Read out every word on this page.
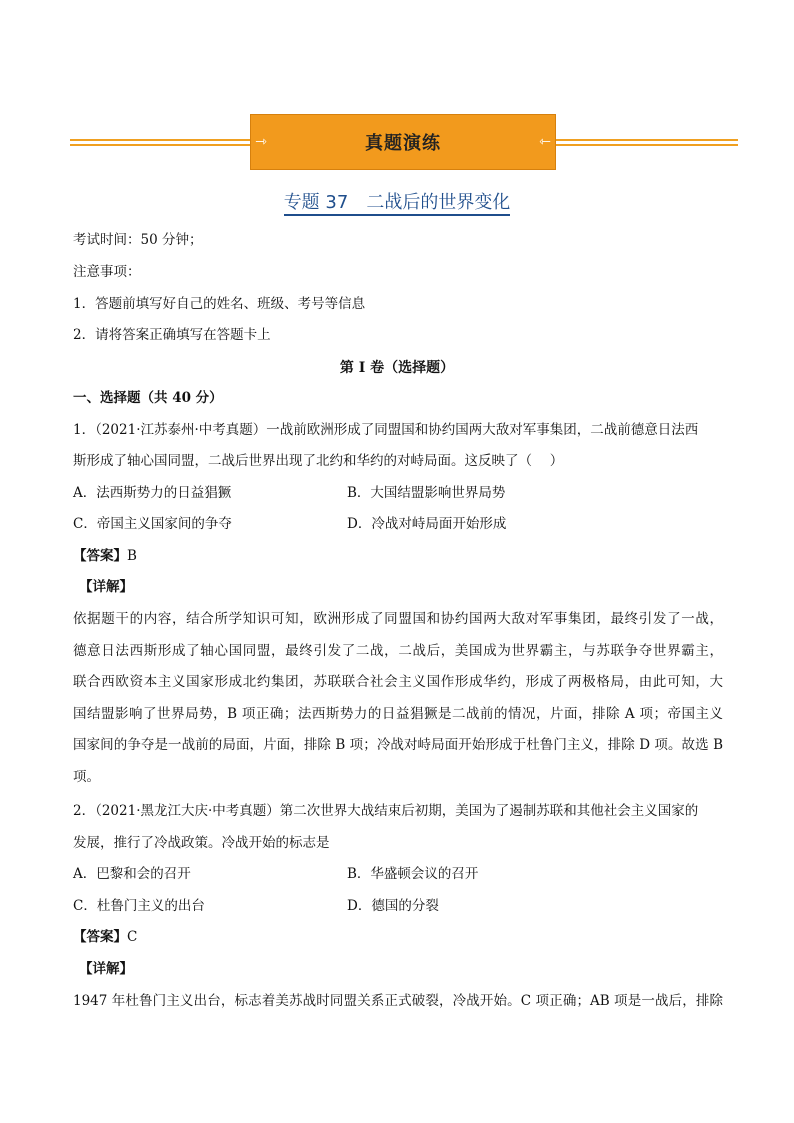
⇾	真题演练	⇽
专题 37　二战后的世界变化
考试时间：50 分钟；
注意事项：
1．答题前填写好自己的姓名、班级、考号等信息
2．请将答案正确填写在答题卡上
第 I 卷（选择题）
一、选择题（共 40 分）
1．（2021·江苏泰州·中考真题）一战前欧洲形成了同盟国和协约国两大敌对军事集团，二战前德意日法西
斯形成了轴心国同盟，二战后世界出现了北约和华约的对峙局面。这反映了（　 ）
A．法西斯势力的日益猖獗	B．大国结盟影响世界局势
C．帝国主义国家间的争夺	D．冷战对峙局面开始形成
【答案】B
【详解】
依据题干的内容，结合所学知识可知，欧洲形成了同盟国和协约国两大敌对军事集团，最终引发了一战，
德意日法西斯形成了轴心国同盟，最终引发了二战，二战后，美国成为世界霸主，与苏联争夺世界霸主，
联合西欧资本主义国家形成北约集团，苏联联合社会主义国作形成华约，形成了两极格局，由此可知，大
国结盟影响了世界局势，B 项正确；法西斯势力的日益猖獗是二战前的情况，片面，排除 A 项；帝国主义
国家间的争夺是一战前的局面，片面，排除 B 项；冷战对峙局面开始形成于杜鲁门主义，排除 D 项。故选 B
项。
2．（2021·黑龙江大庆·中考真题）第二次世界大战结束后初期，美国为了遏制苏联和其他社会主义国家的
发展，推行了冷战政策。冷战开始的标志是
A．巴黎和会的召开	B．华盛顿会议的召开
C．杜鲁门主义的出台	D．德国的分裂
【答案】C
【详解】
1947 年杜鲁门主义出台，标志着美苏战时同盟关系正式破裂，冷战开始。C 项正确；AB 项是一战后，排除
